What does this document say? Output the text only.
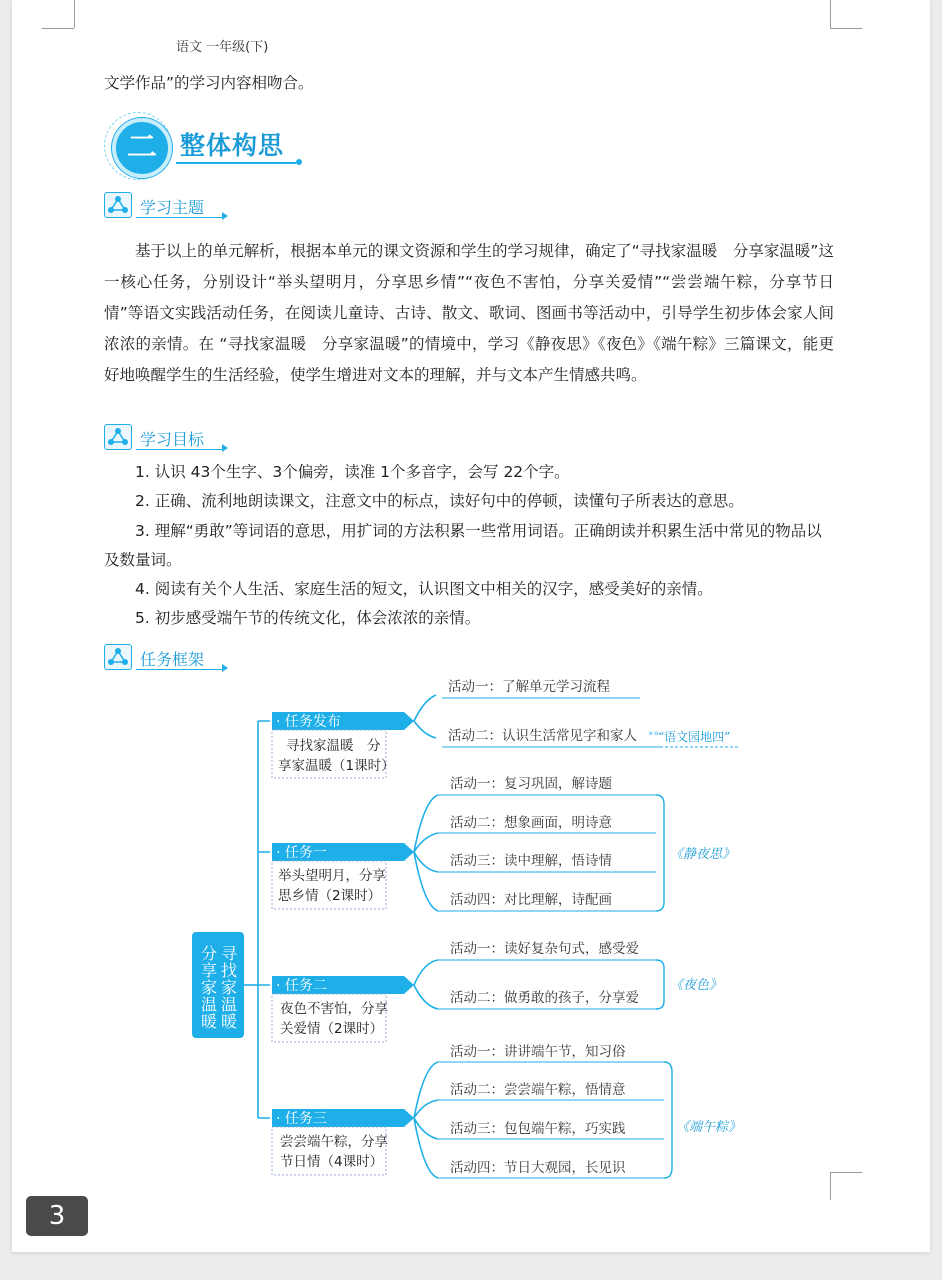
语文 一年级(下)
文学作品”的学习内容相吻合。
二 整体构思
学习主题
基于以上的单元解析，根据本单元的课文资源和学生的学习规律，确定了“寻找家温暖　分享家温暖”这一核心任务，分别设计“举头望明月，分享思乡情”“夜色不害怕，分享关爱情”“尝尝端午粽，分享节日情”等语文实践活动任务，在阅读儿童诗、古诗、散文、歌词、图画书等活动中，引导学生初步体会家人间浓浓的亲情。在 “寻找家温暖　分享家温暖”的情境中，学习《静夜思》《夜色》《端午粽》三篇课文，能更好地唤醒学生的生活经验，使学生增进对文本的理解，并与文本产生情感共鸣。
学习目标
1. 认识 43个生字、3个偏旁，读准 1个多音字，会写 22个字。
2. 正确、流利地朗读课文，注意文中的标点，读好句中的停顿，读懂句子所表达的意思。
3. 理解“勇敢”等词语的意思，用扩词的方法积累一些常用词语。正确朗读并积累生活中常见的物品以及数量词。
4. 阅读有关个人生活、家庭生活的短文，认识图文中相关的汉字，感受美好的亲情。
5. 初步感受端午节的传统文化，体会浓浓的亲情。
任务框架
分享家温暖 寻找家温暖
· 任务发布
寻找家温暖　分
享家温暖（1课时）
活动一：了解单元学习流程
活动二：认识生活常见字和家人 »»
“语文园地四”
· 任务一
举头望明月，分享
思乡情（2课时）
活动一：复习巩固，解诗题
活动二：想象画面，明诗意
活动三：读中理解，悟诗情
活动四：对比理解，诗配画
《静夜思》
· 任务二
夜色不害怕，分享
关爱情（2课时）
活动一：读好复杂句式，感受爱
活动二：做勇敢的孩子，分享爱
《夜色》
· 任务三
尝尝端午粽，分享
节日情（4课时）
活动一：讲讲端午节，知习俗
活动二：尝尝端午粽，悟情意
活动三：包包端午粽，巧实践
活动四：节日大观园，长见识
《端午粽》
3
